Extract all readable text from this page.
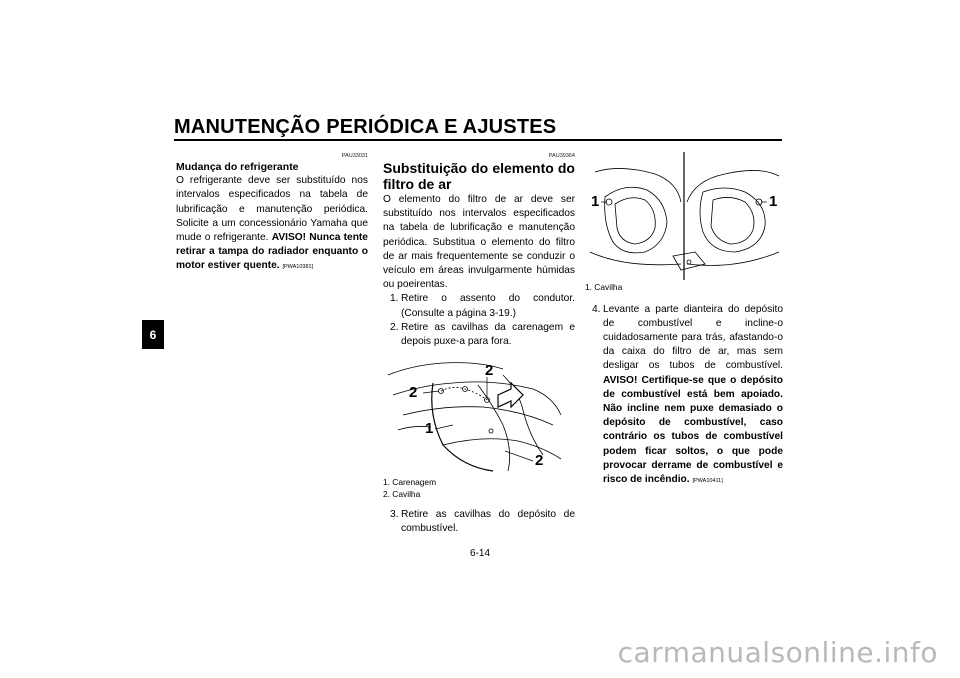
MANUTENÇÃO PERIÓDICA E AJUSTES
6
PAU33031
Mudança do refrigerante

O refrigerante deve ser substituído nos intervalos especificados na tabela de lubrificação e manutenção periódica. Solicite a um concessionário Yamaha que mude o refrigerante. AVISO! Nunca tente retirar a tampa do radiador enquanto o motor estiver quente. [PWA10381]

PAU39364
Substituição do elemento do filtro de ar

O elemento do filtro de ar deve ser substituído nos intervalos especificados na tabela de lubrificação e manutenção periódica. Substitua o elemento do filtro de ar mais frequentemente se conduzir o veículo em áreas invulgarmente húmidas ou poeirentas.

1. Retire o assento do condutor. (Consulte a página 3-19.)
2. Retire as cavilhas da carenagem e depois puxe-a para fora.
2
2
1
2
1. Carenagem
2. Cavilha
3. Retire as cavilhas do depósito de combustível.
1	1
1. Cavilha
4. Levante a parte dianteira do depósito de combustível e incline-o cuidadosamente para trás, afastando-o da caixa do filtro de ar, mas sem desligar os tubos de combustível. AVISO! Certifique-se que o depósito de combustível está bem apoiado. Não incline nem puxe demasiado o depósito de combustível, caso contrário os tubos de combustível podem ficar soltos, o que pode provocar derrame de combustível e risco de incêndio. [PWA10411]
6-14
carmanualsonline.info
